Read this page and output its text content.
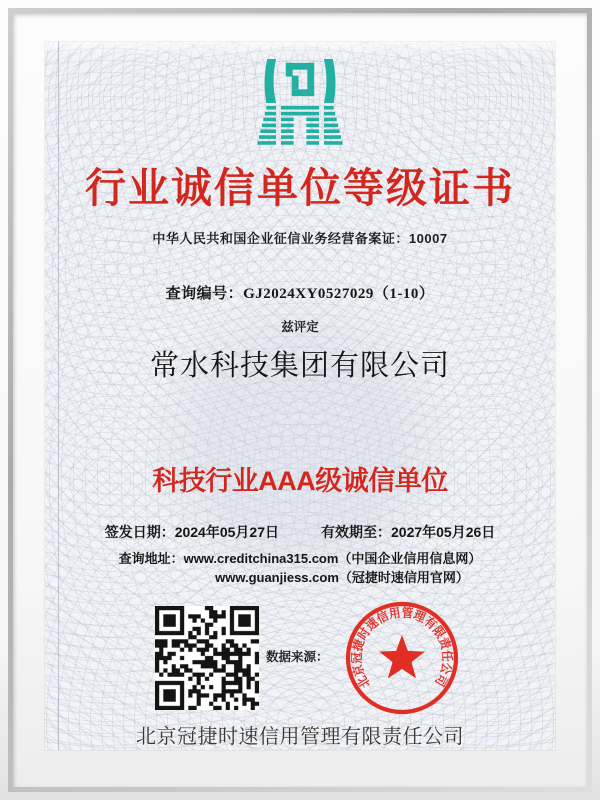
行业诚信单位等级证书
中华人民共和国企业征信业务经营备案证：10007
查询编号：GJ2024XY0527029（1-10）
兹评定
常水科技集团有限公司
科技行业AAA级诚信单位
签发日期：2024年05月27日	有效期至：2027年05月26日
查询地址：www.creditchina315.com（中国企业信用信息网）
www.guanjiess.com（冠捷时速信用官网）
数据来源：
北京冠捷时速信用管理有限责任公司
北京冠捷时速信用管理有限责任公司
